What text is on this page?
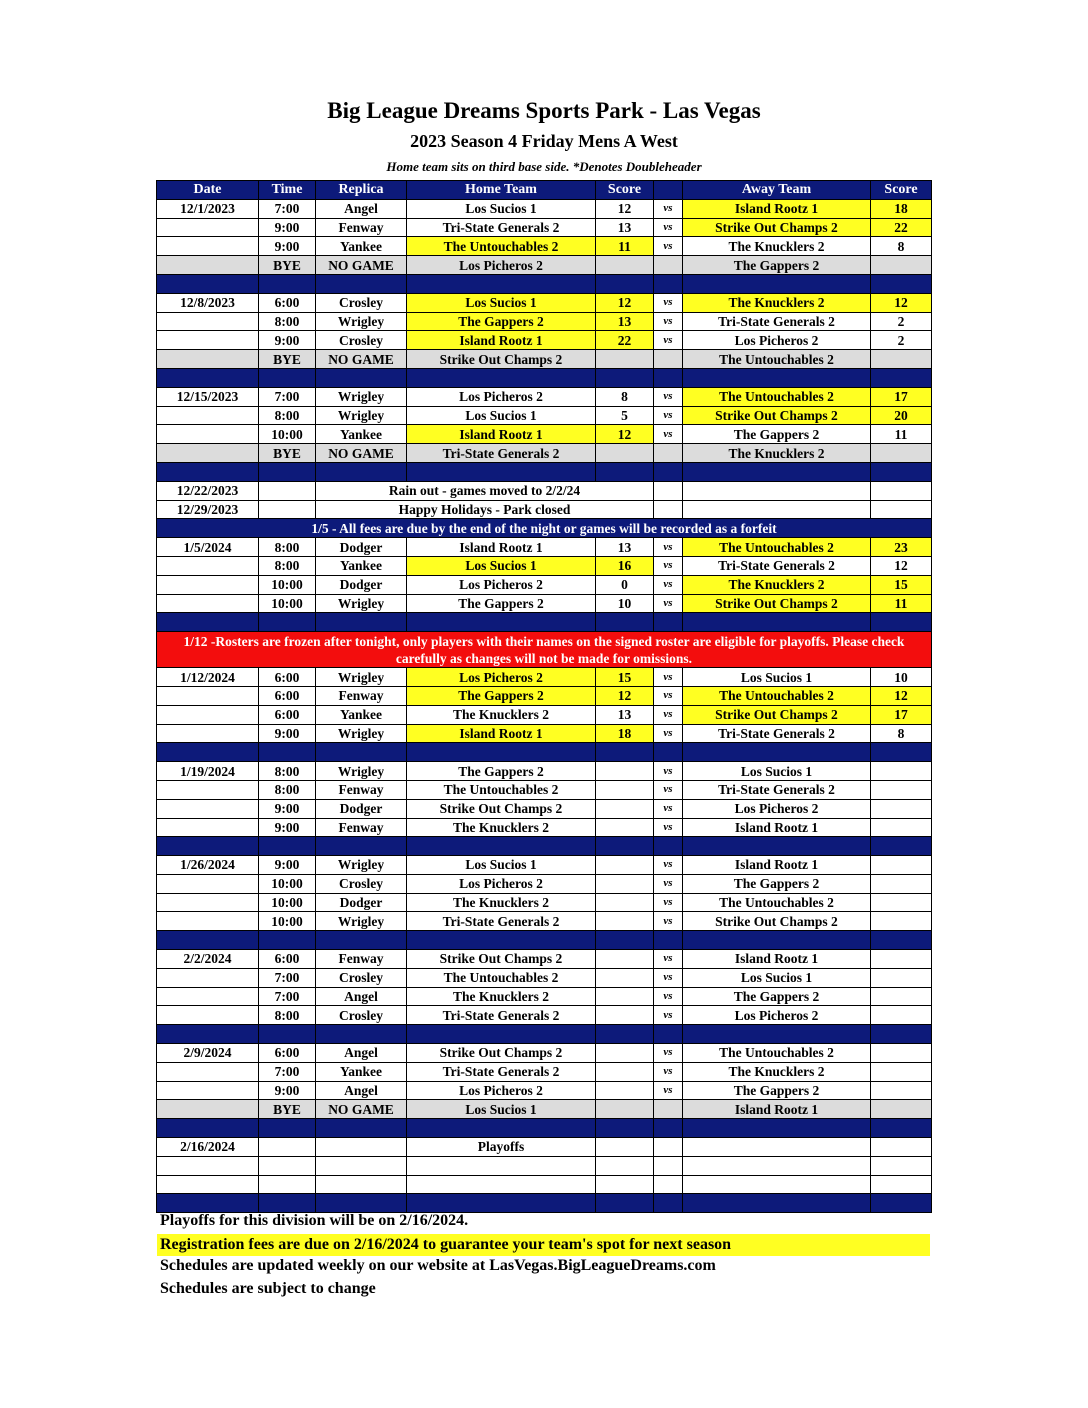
Big League Dreams Sports Park - Las Vegas
2023 Season 4 Friday Mens A West
Home team sits on third base side. *Denotes Doubleheader
Date	Time	Replica	Home Team	Score		Away Team	Score
12/1/2023	7:00	Angel	Los Sucios 1	12	vs	Island Rootz 1	18
	9:00	Fenway	Tri-State Generals 2	13	vs	Strike Out Champs 2	22
	9:00	Yankee	The Untouchables 2	11	vs	The Knucklers 2	8
	BYE	NO GAME	Los Picheros 2			The Gappers 2	

12/8/2023	6:00	Crosley	Los Sucios 1	12	vs	The Knucklers 2	12
	8:00	Wrigley	The Gappers 2	13	vs	Tri-State Generals 2	2
	9:00	Crosley	Island Rootz 1	22	vs	Los Picheros 2	2
	BYE	NO GAME	Strike Out Champs 2			The Untouchables 2	

12/15/2023	7:00	Wrigley	Los Picheros 2	8	vs	The Untouchables 2	17
	8:00	Wrigley	Los Sucios 1	5	vs	Strike Out Champs 2	20
	10:00	Yankee	Island Rootz 1	12	vs	The Gappers 2	11
	BYE	NO GAME	Tri-State Generals 2			The Knucklers 2	

12/22/2023		Rain out - games moved to 2/2/24					
12/29/2023		Happy Holidays - Park closed					
1/5 - All fees are due by the end of the night or games will be recorded as a forfeit							
1/5/2024	8:00	Dodger	Island Rootz 1	13	vs	The Untouchables 2	23
	8:00	Yankee	Los Sucios 1	16	vs	Tri-State Generals 2	12
	10:00	Dodger	Los Picheros 2	0	vs	The Knucklers 2	15
	10:00	Wrigley	The Gappers 2	10	vs	Strike Out Champs 2	11

1/12 -Rosters are frozen after tonight, only players with their names on the signed roster are eligible for playoffs. Please check carefully as changes will not be made for omissions.							
1/12/2024	6:00	Wrigley	Los Picheros 2	15	vs	Los Sucios 1	10
	6:00	Fenway	The Gappers 2	12	vs	The Untouchables 2	12
	6:00	Yankee	The Knucklers 2	13	vs	Strike Out Champs 2	17
	9:00	Wrigley	Island Rootz 1	18	vs	Tri-State Generals 2	8

1/19/2024	8:00	Wrigley	The Gappers 2		vs	Los Sucios 1	
	8:00	Fenway	The Untouchables 2		vs	Tri-State Generals 2	
	9:00	Dodger	Strike Out Champs 2		vs	Los Picheros 2	
	9:00	Fenway	The Knucklers 2		vs	Island Rootz 1	

1/26/2024	9:00	Wrigley	Los Sucios 1		vs	Island Rootz 1	
	10:00	Crosley	Los Picheros 2		vs	The Gappers 2	
	10:00	Dodger	The Knucklers 2		vs	The Untouchables 2	
	10:00	Wrigley	Tri-State Generals 2		vs	Strike Out Champs 2	

2/2/2024	6:00	Fenway	Strike Out Champs 2		vs	Island Rootz 1	
	7:00	Crosley	The Untouchables 2		vs	Los Sucios 1	
	7:00	Angel	The Knucklers 2		vs	The Gappers 2	
	8:00	Crosley	Tri-State Generals 2		vs	Los Picheros 2	

2/9/2024	6:00	Angel	Strike Out Champs 2		vs	The Untouchables 2	
	7:00	Yankee	Tri-State Generals 2		vs	The Knucklers 2	
	9:00	Angel	Los Picheros 2		vs	The Gappers 2	
	BYE	NO GAME	Los Sucios 1			Island Rootz 1	

2/16/2024			Playoffs				

Playoffs for this division will be on 2/16/2024.
Registration fees are due on 2/16/2024 to guarantee your team's spot for next season
Schedules are updated weekly on our website at LasVegas.BigLeagueDreams.com
Schedules are subject to change
